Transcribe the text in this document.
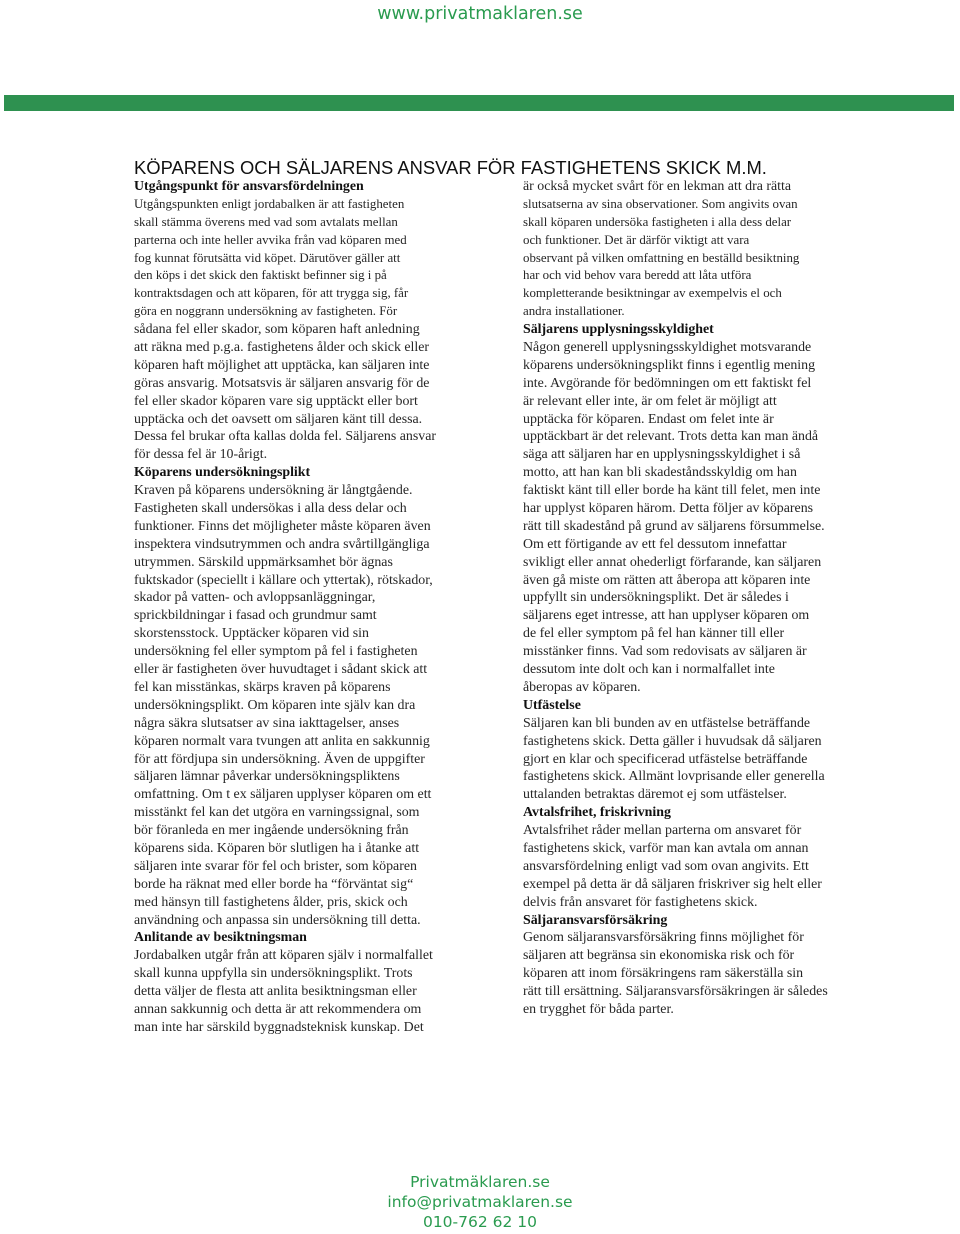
www.privatmaklaren.se
KÖPARENS OCH SÄLJARENS ANSVAR FÖR FASTIGHETENS SKICK M.M.
Utgångspunkt för ansvarsfördelningen
Utgångspunkten enligt jordabalken är att fastigheten
skall stämma överens med vad som avtalats mellan
parterna och inte heller avvika från vad köparen med
fog kunnat förutsätta vid köpet. Därutöver gäller att
den köps i det skick den faktiskt befinner sig i på
kontraktsdagen och att köparen, för att trygga sig, får
göra en noggrann undersökning av fastigheten. För
sådana fel eller skador, som köparen haft anledning
att räkna med p.g.a. fastighetens ålder och skick eller
köparen haft möjlighet att upptäcka, kan säljaren inte
göras ansvarig. Motsatsvis är säljaren ansvarig för de
fel eller skador köparen vare sig upptäckt eller bort
upptäcka och det oavsett om säljaren känt till dessa.
Dessa fel brukar ofta kallas dolda fel. Säljarens ansvar
för dessa fel är 10-årigt.
Köparens undersökningsplikt
Kraven på köparens undersökning är långtgående.
Fastigheten skall undersökas i alla dess delar och
funktioner. Finns det möjligheter måste köparen även
inspektera vindsutrymmen och andra svårtillgängliga
utrymmen. Särskild uppmärksamhet bör ägnas
fuktskador (speciellt i källare och yttertak), rötskador,
skador på vatten- och avloppsanläggningar,
sprickbildningar i fasad och grundmur samt
skorstensstock. Upptäcker köparen vid sin
undersökning fel eller symptom på fel i fastigheten
eller är fastigheten över huvudtaget i sådant skick att
fel kan misstänkas, skärps kraven på köparens
undersökningsplikt. Om köparen inte själv kan dra
några säkra slutsatser av sina iakttagelser, anses
köparen normalt vara tvungen att anlita en sakkunnig
för att fördjupa sin undersökning. Även de uppgifter
säljaren lämnar påverkar undersökningspliktens
omfattning. Om t ex säljaren upplyser köparen om ett
misstänkt fel kan det utgöra en varningssignal, som
bör föranleda en mer ingående undersökning från
köparens sida. Köparen bör slutligen ha i åtanke att
säljaren inte svarar för fel och brister, som köparen
borde ha räknat med eller borde ha “förväntat sig“
med hänsyn till fastighetens ålder, pris, skick och
användning och anpassa sin undersökning till detta.
Anlitande av besiktningsman
Jordabalken utgår från att köparen själv i normalfallet
skall kunna uppfylla sin undersökningsplikt. Trots
detta väljer de flesta att anlita besiktningsman eller
annan sakkunnig och detta är att rekommendera om
man inte har särskild byggnadsteknisk kunskap. Det
är också mycket svårt för en lekman att dra rätta
slutsatserna av sina observationer. Som angivits ovan
skall köparen undersöka fastigheten i alla dess delar
och funktioner. Det är därför viktigt att vara
observant på vilken omfattning en beställd besiktning
har och vid behov vara beredd att låta utföra
kompletterande besiktningar av exempelvis el och
andra installationer.
Säljarens upplysningsskyldighet
Någon generell upplysningsskyldighet motsvarande
köparens undersökningsplikt finns i egentlig mening
inte. Avgörande för bedömningen om ett faktiskt fel
är relevant eller inte, är om felet är möjligt att
upptäcka för köparen. Endast om felet inte är
upptäckbart är det relevant. Trots detta kan man ändå
säga att säljaren har en upplysningsskyldighet i så
motto, att han kan bli skadeståndsskyldig om han
faktiskt känt till eller borde ha känt till felet, men inte
har upplyst köparen härom. Detta följer av köparens
rätt till skadestånd på grund av säljarens försummelse.
Om ett förtigande av ett fel dessutom innefattar
svikligt eller annat ohederligt förfarande, kan säljaren
även gå miste om rätten att åberopa att köparen inte
uppfyllt sin undersökningsplikt. Det är således i
säljarens eget intresse, att han upplyser köparen om
de fel eller symptom på fel han känner till eller
misstänker finns. Vad som redovisats av säljaren är
dessutom inte dolt och kan i normalfallet inte
åberopas av köparen.
Utfästelse
Säljaren kan bli bunden av en utfästelse beträffande
fastighetens skick. Detta gäller i huvudsak då säljaren
gjort en klar och specificerad utfästelse beträffande
fastighetens skick. Allmänt lovprisande eller generella
uttalanden betraktas däremot ej som utfästelser.
Avtalsfrihet, friskrivning
Avtalsfrihet råder mellan parterna om ansvaret för
fastighetens skick, varför man kan avtala om annan
ansvarsfördelning enligt vad som ovan angivits. Ett
exempel på detta är då säljaren friskriver sig helt eller
delvis från ansvaret för fastighetens skick.
Säljaransvarsförsäkring
Genom säljaransvarsförsäkring finns möjlighet för
säljaren att begränsa sin ekonomiska risk och för
köparen att inom försäkringens ram säkerställa sin
rätt till ersättning. Säljaransvarsförsäkringen är således
en trygghet för båda parter.
Privatmäklaren.se
info@privatmaklaren.se
010-762 62 10
